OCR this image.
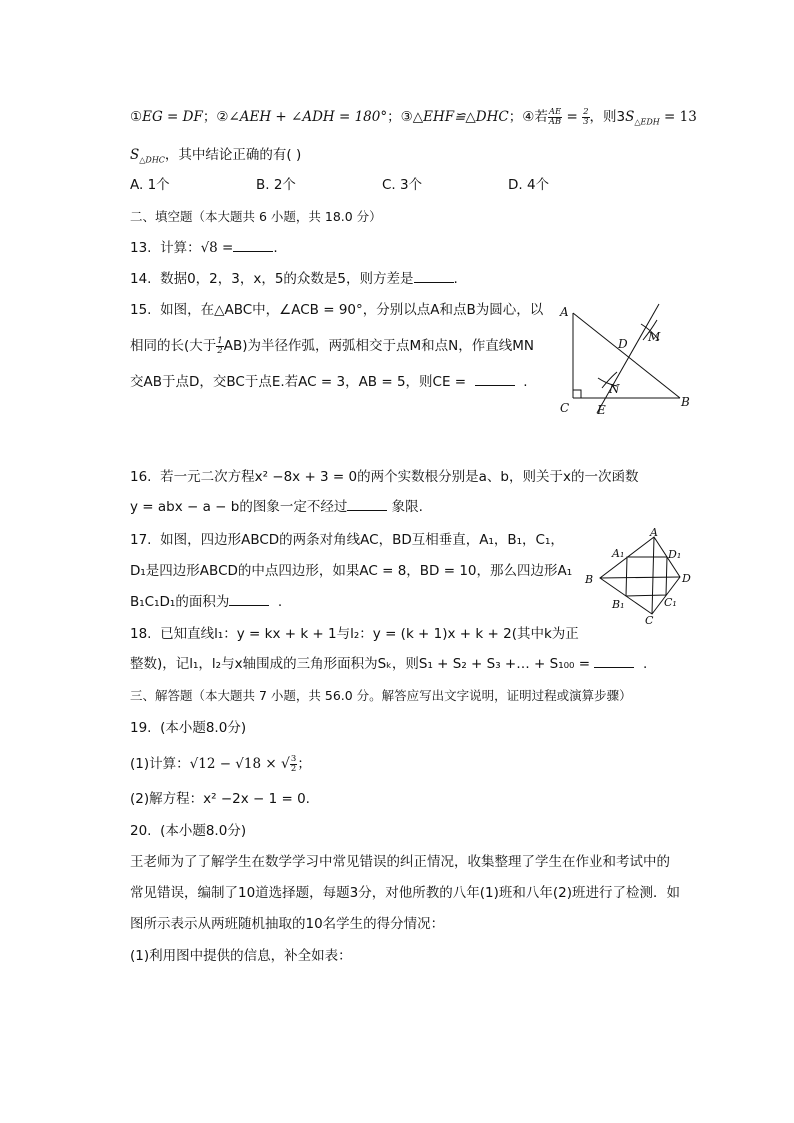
①EG = DF；②∠AEH + ∠ADH = 180°；③△EHF≌△DHC；④若 $\frac{AE}{AB} = \frac{2}{3}$ ，则$3S_{\triangle EDH} = 13$
$S_{\triangle DHC}$，其中结论正确的有( )
A. 1个	B. 2个	C. 3个	D. 4个
二、填空题（本大题共 6 小题，共 18.0 分）
13. 计算：√8 =	.
14. 数据0，2，3，x，5的众数是5，则方差是	.
15. 如图，在△ABC中，∠ACB = 90°，分别以点A和点B为圆心，以
相同的长(大于 $\frac{1}{2} AB$)为半径作弧，两弧相交于点M和点N，作直线MN
交AB于点D，交BC于点E.若AC = 3，AB = 5，则CE =	.
A
B
C
D
E
M
N
16. 若一元二次方程x² −8x + 3 = 0的两个实数根分别是a、b，则关于x的一次函数
y = abx − a − b的图象一定不经过	象限.
17. 如图，四边形ABCD的两条对角线AC，BD互相垂直，A₁，B₁，C₁，
D₁是四边形ABCD的中点四边形，如果AC = 8，BD = 10，那么四边形A₁
B₁C₁D₁的面积为	.
A
B
C
D
A₁
B₁	C₁
D₁
18. 已知直线l₁：y = kx + k + 1与l₂：y = (k + 1)x + k + 2(其中k为正
整数)，记l₁，l₂与x轴围成的三角形面积为Sₖ，则S₁ + S₂ + S₃ +… + S₁₀₀ =	.
三、解答题（本大题共 7 小题，共 56.0 分。解答应写出文字说明，证明过程或演算步骤）
19. (本小题8.0分)
(1)计算：√12 − √18 × √ $\frac{3}{2}$ ；
(2)解方程：x² −2x − 1 = 0.
20. (本小题8.0分)
王老师为了了解学生在数学学习中常见错误的纠正情况，收集整理了学生在作业和考试中的
常见错误，编制了10道选择题，每题3分，对他所教的八年(1)班和八年(2)班进行了检测．如
图所示表示从两班随机抽取的10名学生的得分情况：
(1)利用图中提供的信息，补全如表：
